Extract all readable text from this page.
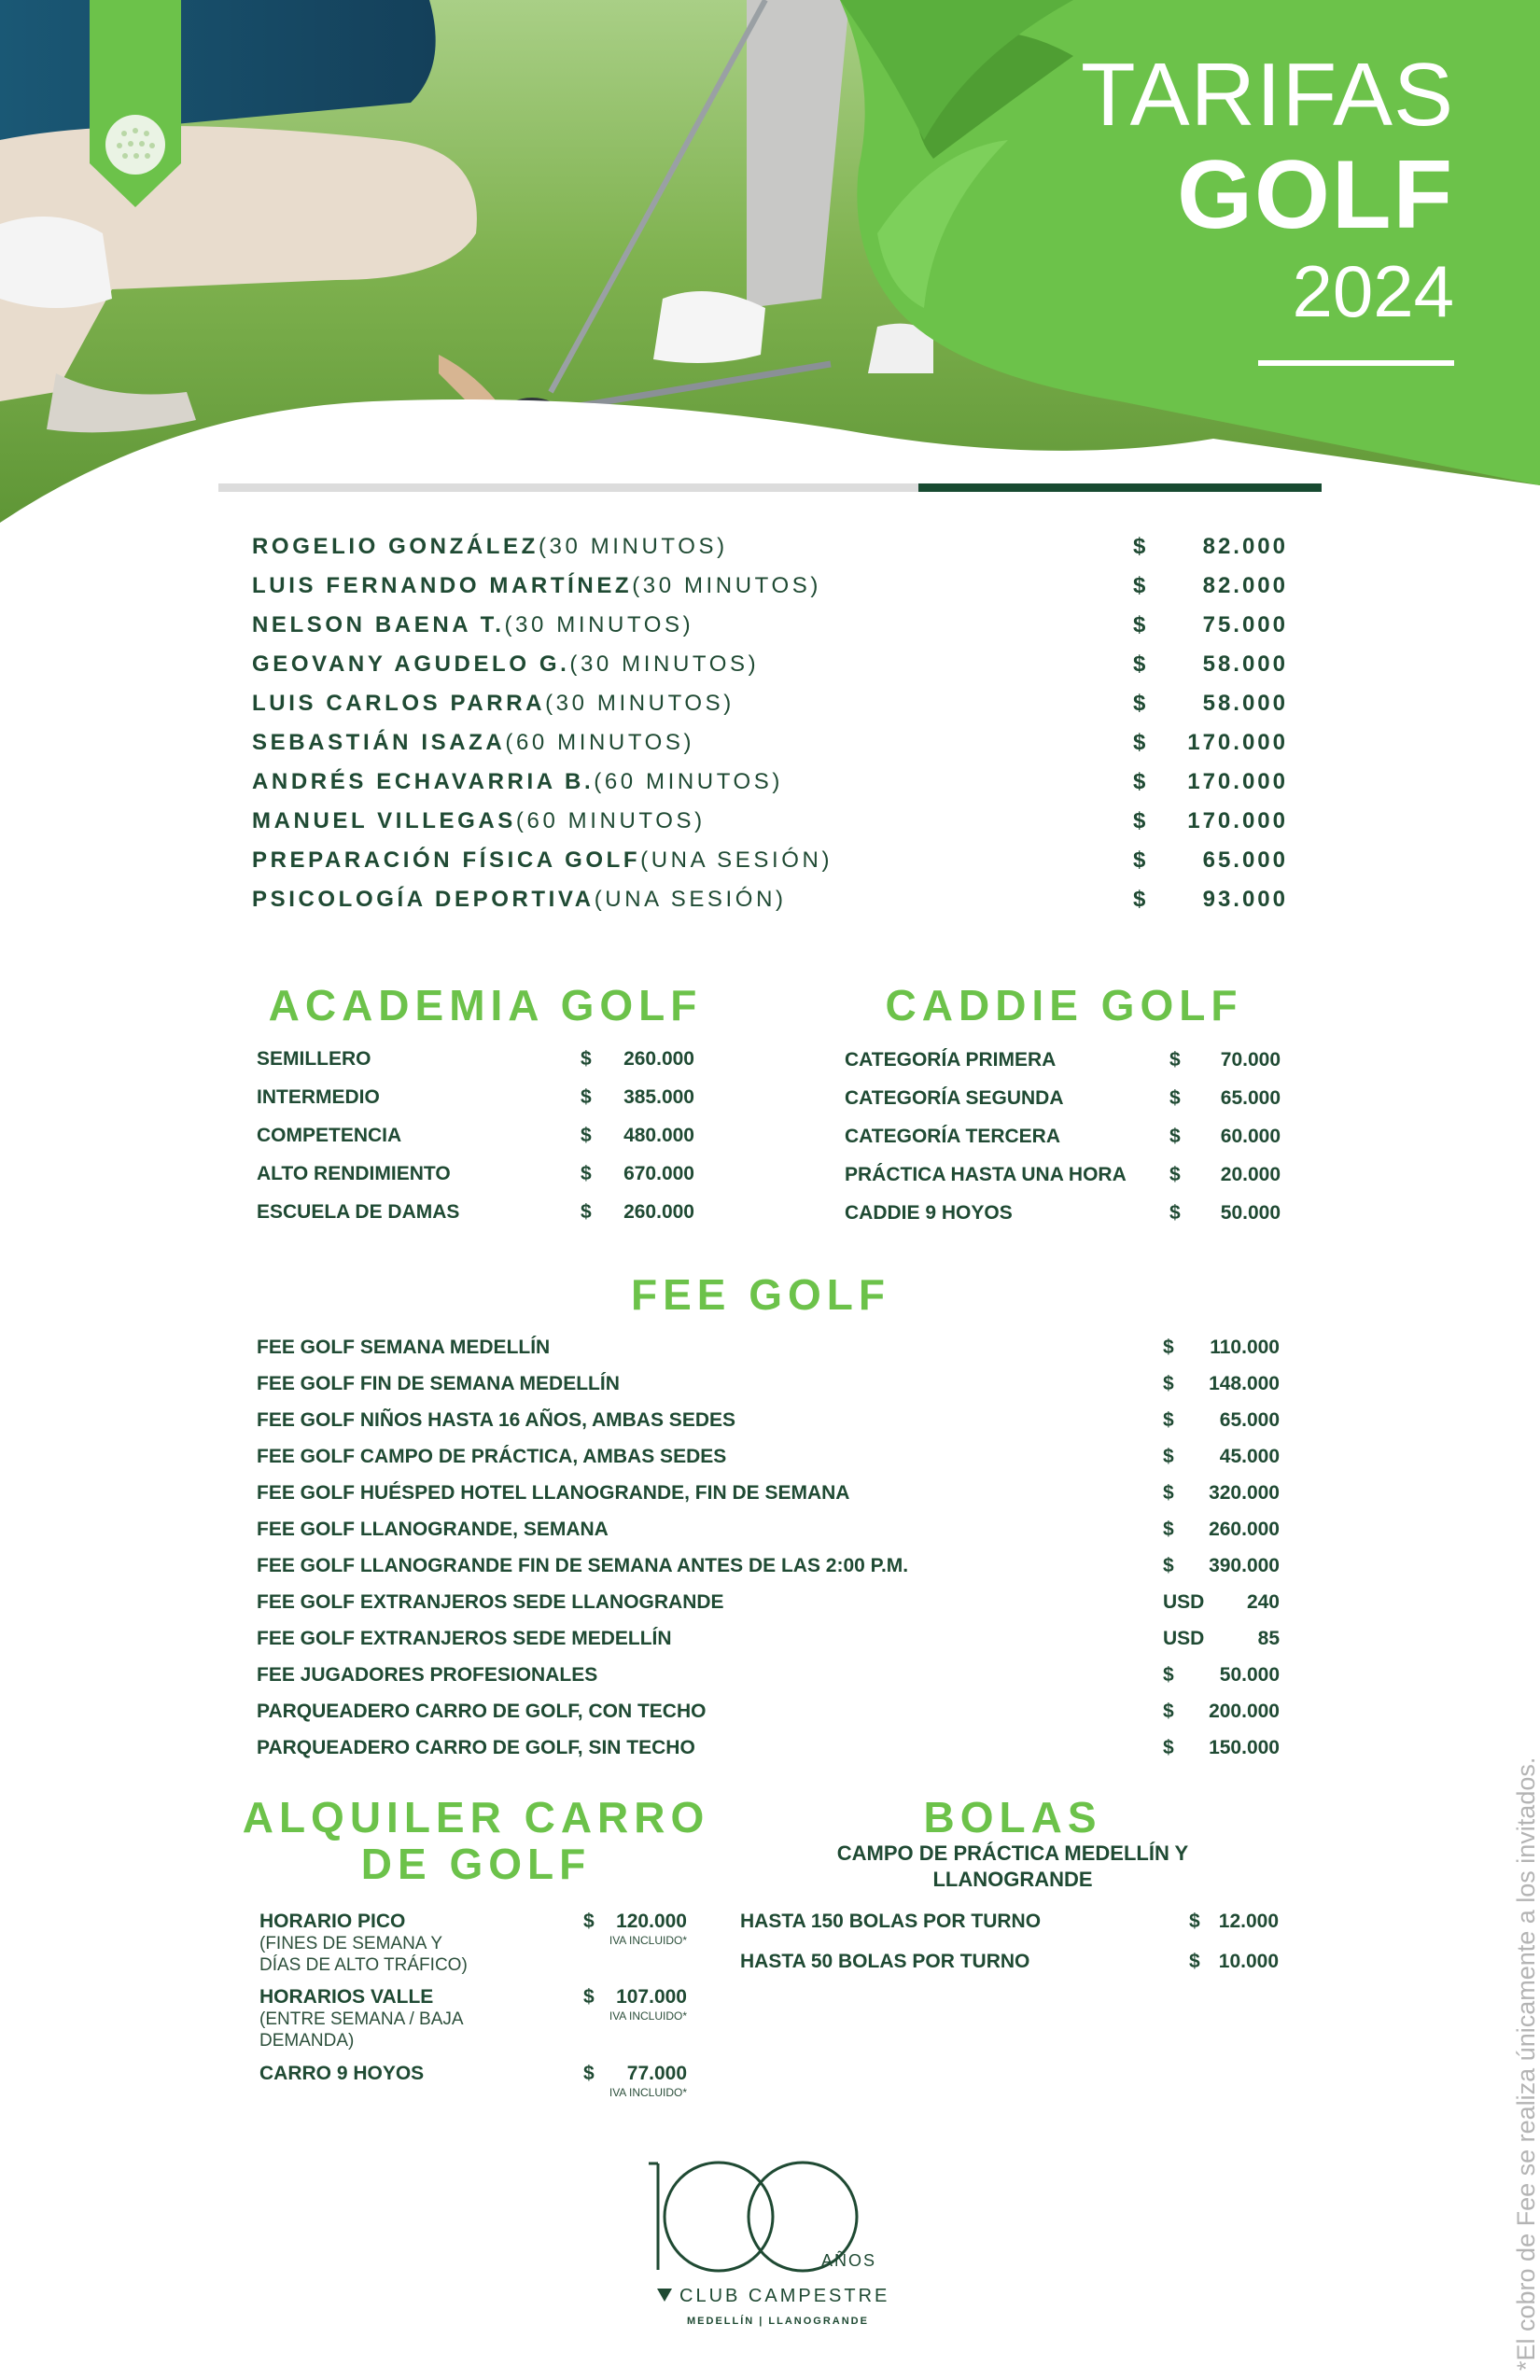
TARIFAS
GOLF
2024
ROGELIO GONZÁLEZ (30 MINUTOS)	$	82.000
LUIS FERNANDO MARTÍNEZ (30 MINUTOS)	$	82.000
NELSON BAENA T. (30 MINUTOS)	$	75.000
GEOVANY AGUDELO G. (30 MINUTOS)	$	58.000
LUIS CARLOS PARRA (30 MINUTOS)	$	58.000
SEBASTIÁN ISAZA (60 MINUTOS)	$	170.000
ANDRÉS ECHAVARRIA B. (60 MINUTOS)	$	170.000
MANUEL VILLEGAS (60 MINUTOS)	$	170.000
PREPARACIÓN FÍSICA GOLF (UNA SESIÓN)	$	65.000
PSICOLOGÍA DEPORTIVA (UNA SESIÓN)	$	93.000
ACADEMIA GOLF
SEMILLERO	$	260.000
INTERMEDIO	$	385.000
COMPETENCIA	$	480.000
ALTO RENDIMIENTO	$	670.000
ESCUELA DE DAMAS	$	260.000
CADDIE GOLF
CATEGORÍA PRIMERA	$	70.000
CATEGORÍA SEGUNDA	$	65.000
CATEGORÍA TERCERA	$	60.000
PRÁCTICA HASTA UNA HORA $	20.000
CADDIE 9 HOYOS	$	50.000
FEE GOLF
FEE GOLF SEMANA MEDELLÍN	$	110.000
FEE GOLF FIN DE SEMANA MEDELLÍN	$	148.000
FEE GOLF NIÑOS HASTA 16 AÑOS, AMBAS SEDES	$	65.000
FEE GOLF CAMPO DE PRÁCTICA, AMBAS SEDES	$	45.000
FEE GOLF HUÉSPED HOTEL LLANOGRANDE, FIN DE SEMANA	$	320.000
FEE GOLF LLANOGRANDE, SEMANA	$	260.000
FEE GOLF LLANOGRANDE FIN DE SEMANA ANTES DE LAS 2:00 P.M.	$	390.000
FEE GOLF EXTRANJEROS SEDE LLANOGRANDE	USD	240
FEE GOLF EXTRANJEROS SEDE MEDELLÍN	USD	85
FEE JUGADORES PROFESIONALES	$	50.000
PARQUEADERO CARRO DE GOLF, CON TECHO	$	200.000
PARQUEADERO CARRO DE GOLF, SIN TECHO	$	150.000
ALQUILER CARRO
DE GOLF
HORARIO PICO
(FINES DE SEMANA Y
DÍAS DE ALTO TRÁFICO)
$	120.000
IVA INCLUIDO*
HORARIOS VALLE
(ENTRE SEMANA / BAJA
DEMANDA)
$	107.000
IVA INCLUIDO*
CARRO 9 HOYOS	$	77.000
IVA INCLUIDO*
BOLAS
CAMPO DE PRÁCTICA MEDELLÍN Y
LLANOGRANDE
HASTA 150 BOLAS POR TURNO	$ 12.000
HASTA 50 BOLAS POR TURNO	$ 10.000
AÑOS
CLUB CAMPESTRE
MEDELLÍN | LLANOGRANDE	*El cobro de Fee se realiza únicamente a los invitados.
